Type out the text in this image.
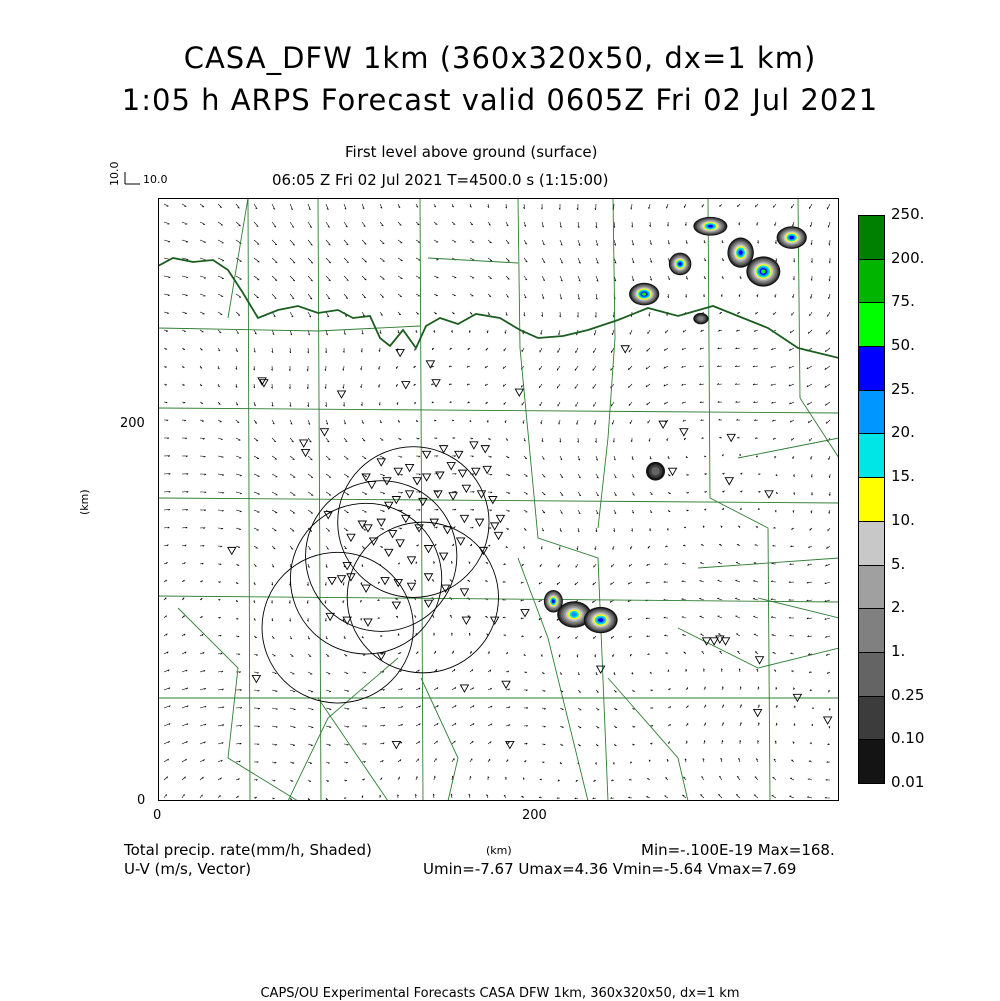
CASA_DFW 1km (360x320x50, dx=1 km)
1:05 h ARPS Forecast valid 0605Z Fri 02 Jul 2021
First level above ground (surface)
06:05 Z Fri 02 Jul 2021 T=4500.0 s (1:15:00)
10.0
10.0
(km)
(km)
0	200
0
200
250.
200.
75.
50.
25.
20.
15.
10.
5.
2.
1.
0.25
0.10
0.01
Total precip. rate(mm/h, Shaded)
U-V (m/s, Vector)
Min=-.100E-19 Max=168.
Umin=-7.67 Umax=4.36 Vmin=-5.64 Vmax=7.69
CAPS/OU Experimental Forecasts CASA DFW 1km, 360x320x50, dx=1 km
